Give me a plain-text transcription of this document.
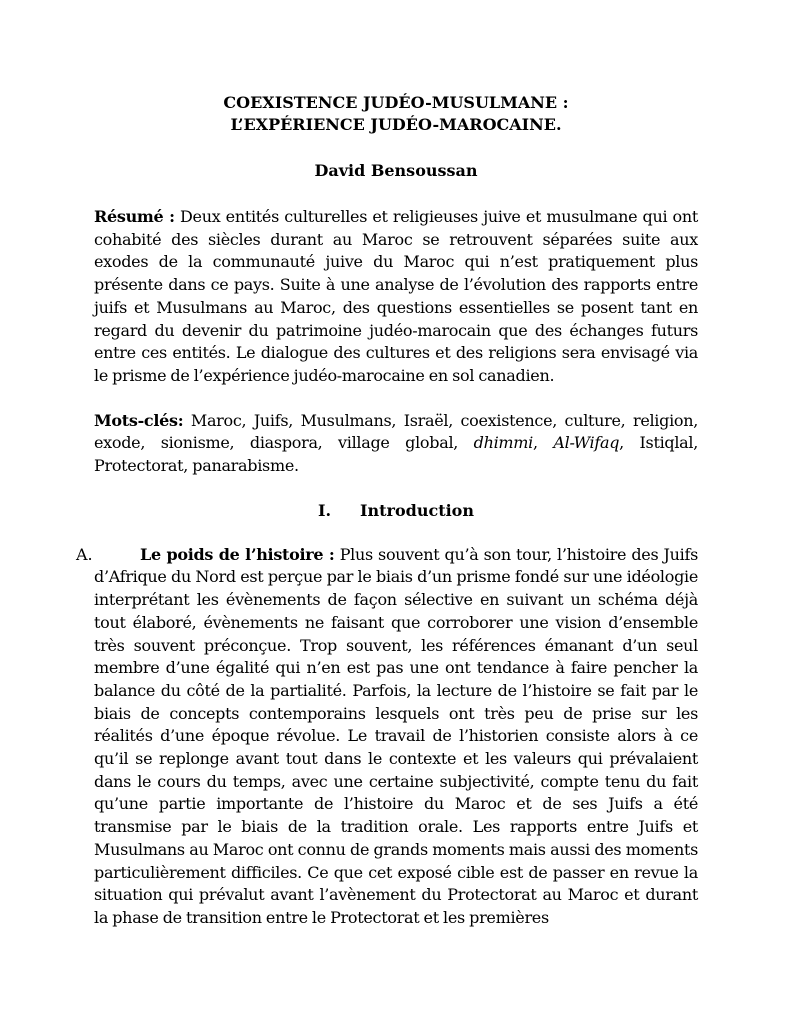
COEXISTENCE JUDÉO-MUSULMANE :
L’EXPÉRIENCE JUDÉO-MAROCAINE.

David Bensoussan

Résumé : Deux entités culturelles et religieuses juive et musulmane qui ont cohabité des siècles durant au Maroc se retrouvent séparées suite aux exodes de la communauté juive du Maroc qui n’est pratiquement plus présente dans ce pays. Suite à une analyse de l’évolution des rapports entre juifs et Musulmans au Maroc, des questions essentielles se posent tant en regard du devenir du patrimoine judéo-marocain que des échanges futurs entre ces entités. Le dialogue des cultures et des religions sera envisagé via le prisme de l’expérience judéo-marocaine en sol canadien.

Mots-clés: Maroc, Juifs, Musulmans, Israël, coexistence, culture, religion, exode, sionisme, diaspora, village global, dhimmi, Al-Wifaq, Istiqlal, Protectorat, panarabisme.

I. Introduction

A.	Le poids de l’histoire : Plus souvent qu’à son tour, l’histoire des Juifs d’Afrique du Nord est perçue par le biais d’un prisme fondé sur une idéologie interprétant les évènements de façon sélective en suivant un schéma déjà tout élaboré, évènements ne faisant que corroborer une vision d’ensemble très souvent préconçue. Trop souvent, les références émanant d’un seul membre d’une égalité qui n’en est pas une ont tendance à faire pencher la balance du côté de la partialité. Parfois, la lecture de l’histoire se fait par le biais de concepts contemporains lesquels ont très peu de prise sur les réalités d’une époque révolue. Le travail de l’historien consiste alors à ce qu’il se replonge avant tout dans le contexte et les valeurs qui prévalaient dans le cours du temps, avec une certaine subjectivité, compte tenu du fait qu’une partie importante de l’histoire du Maroc et de ses Juifs a été transmise par le biais de la tradition orale. Les rapports entre Juifs et Musulmans au Maroc ont connu de grands moments mais aussi des moments particulièrement difficiles. Ce que cet exposé cible est de passer en revue la situation qui prévalut avant l’avènement du Protectorat au Maroc et durant la phase de transition entre le Protectorat et les premières
